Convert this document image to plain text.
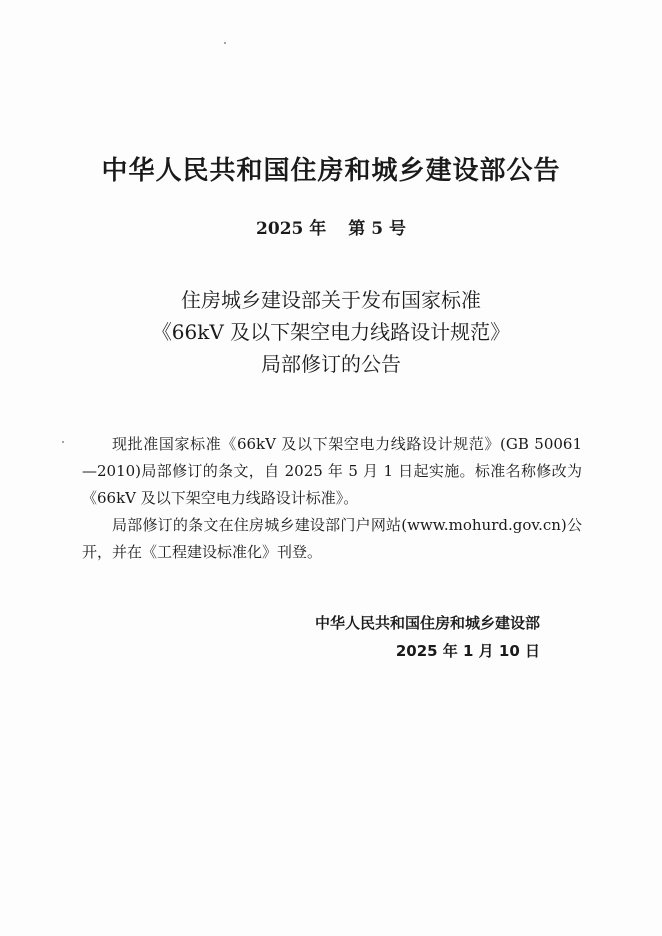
中华人民共和国住房和城乡建设部公告
2025 年 第 5 号
住房城乡建设部关于发布国家标准
《66kV 及以下架空电力线路设计规范》
局部修订的公告

现批准国家标准《66kV 及以下架空电力线路设计规范》(GB 50061—2010)局部修订的条文，自 2025 年 5 月 1 日起实施。标准名称修改为《66kV 及以下架空电力线路设计标准》。

局部修订的条文在住房城乡建设部门户网站(www.mohurd.gov.cn)公开，并在《工程建设标准化》刊登。

中华人民共和国住房和城乡建设部
2025 年 1 月 10 日
